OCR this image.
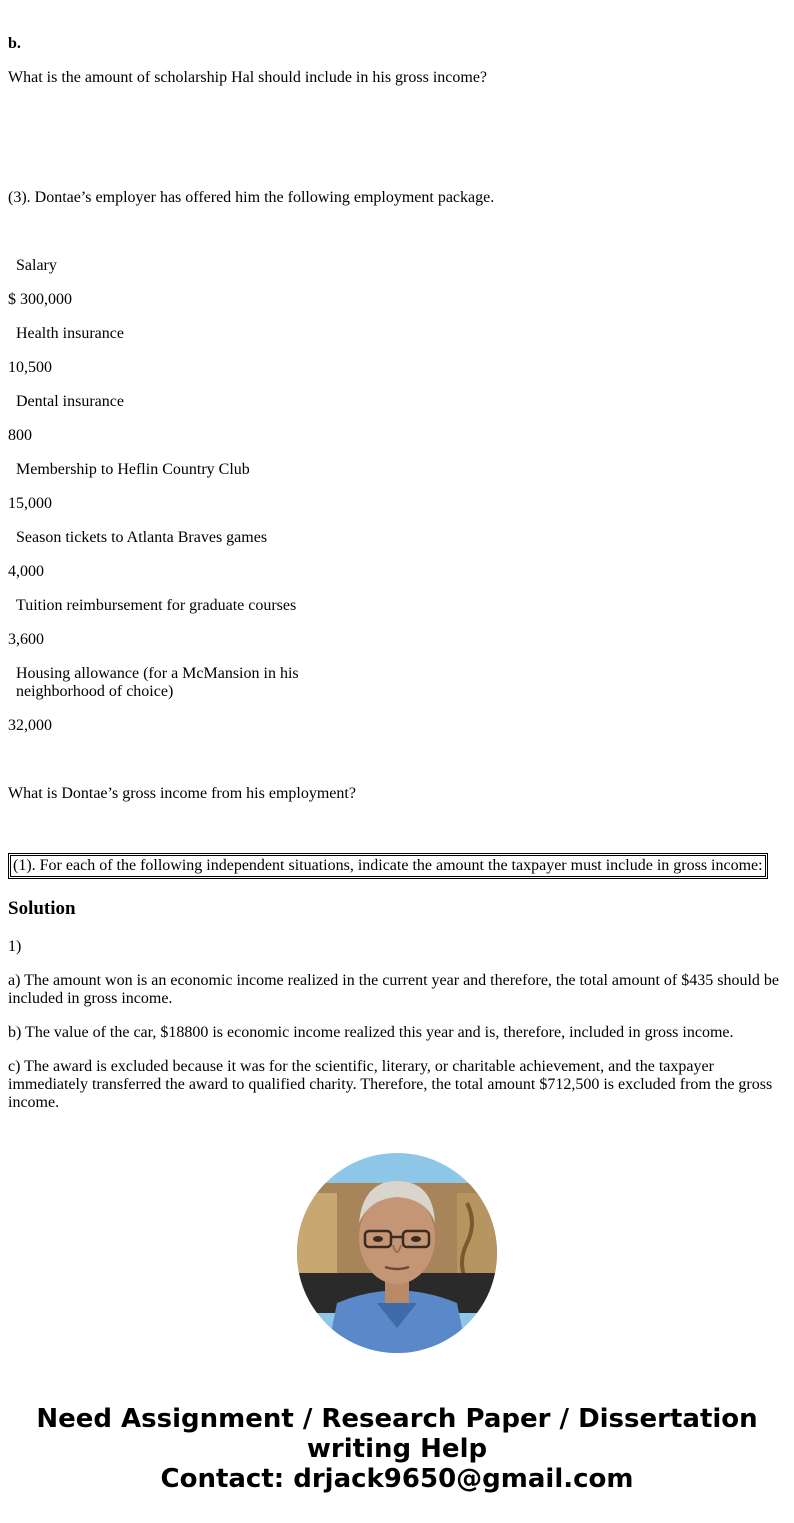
b.

What is the amount of scholarship Hal should include in his gross income?

(3). Dontae’s employer has offered him the following employment package.

Salary

$ 300,000

Health insurance

10,500

Dental insurance

800

Membership to Heflin Country Club

15,000

Season tickets to Atlanta Braves games

4,000

Tuition reimbursement for graduate courses

3,600

Housing allowance (for a McMansion in his

neighborhood of choice)

32,000

What is Dontae’s gross income from his employment?

(1). For each of the following independent situations, indicate the amount the taxpayer must include in gross income:

Solution

1)

a) The amount won is an economic income realized in the current year and therefore, the total amount of $435 should be included in gross income.

b) The value of the car, $18800 is economic income realized this year and is, therefore, included in gross income.

c) The award is excluded because it was for the scientific, literary, or charitable achievement, and the taxpayer immediately transferred the award to qualified charity. Therefore, the total amount $712,500 is excluded from the gross income.

Need Assignment / Research Paper / Dissertation
writing Help
Contact: drjack9650@gmail.com
